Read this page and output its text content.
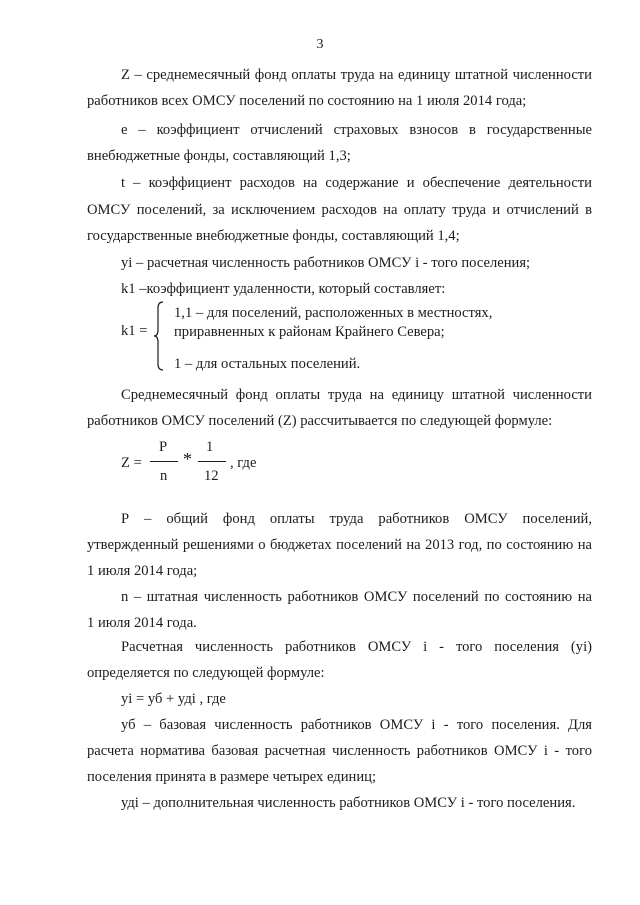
3
Z – среднемесячный фонд оплаты труда на единицу штатной численности
работников всех ОМСУ поселений по состоянию на 1 июля 2014 года;
е – коэффициент отчислений страховых взносов в государственные
внебюджетные фонды, составляющий 1,3;
t – коэффициент расходов на содержание и обеспечение деятельности
ОМСУ поселений, за исключением расходов на оплату труда и отчислений в
государственные внебюджетные фонды, составляющий 1,4;
уi – расчетная численность работников ОМСУ i - того поселения;
k1 –коэффициент удаленности, который составляет:
k1 =
1,1 – для поселений, расположенных в местностях,
приравненных к районам Крайнего Севера;
1 – для остальных поселений.
Среднемесячный фонд оплаты труда на единицу штатной численности
работников ОМСУ поселений (Z) рассчитывается по следующей формуле:
Z =
P
n
*
1
12
, где
Р – общий фонд оплаты труда работников ОМСУ поселений,
утвержденный решениями о бюджетах поселений на 2013 год, по состоянию на
1 июля 2014 года;
n – штатная численность работников ОМСУ поселений по состоянию на
1 июля 2014 года.
Расчетная численность работников ОМСУ i - того поселения (уi)
определяется по следующей формуле:
уi = уб + удi , где
уб – базовая численность работников ОМСУ i - того поселения. Для
расчета норматива базовая расчетная численность работников ОМСУ i - того
поселения принята в размере четырех единиц;
удi – дополнительная численность работников ОМСУ i - того поселения.
